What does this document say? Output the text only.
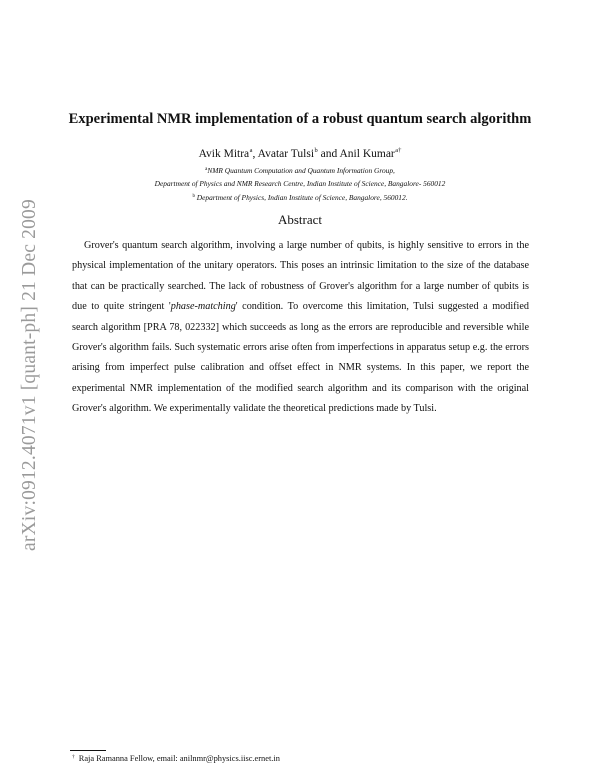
arXiv:0912.4071v1 [quant-ph] 21 Dec 2009
Experimental NMR implementation of a robust quantum search algorithm
Avik Mitra$^a$, Avatar Tulsi$^b$ and Anil Kumar$^{a\dagger}$
$^a$NMR Quantum Computation and Quantum Information Group,
Department of Physics and NMR Research Centre, Indian Institute of Science, Bangalore- 560012
$^b$ Department of Physics, Indian Institute of Science, Bangalore, 560012.
Abstract

Grover's quantum search algorithm, involving a large number of qubits, is highly sensitive to errors in the physical implementation of the unitary operators. This poses an intrinsic limitation to the size of the database that can be practically searched. The lack of robustness of Grover's algorithm for a large number of qubits is due to quite stringent 'phase-matching' condition. To overcome this limitation, Tulsi suggested a modified search algorithm [PRA 78, 022332] which succeeds as long as the errors are reproducible and reversible while Grover's algorithm fails. Such systematic errors arise often from imperfections in apparatus setup e.g. the errors arising from imperfect pulse calibration and offset effect in NMR systems. In this paper, we report the experimental NMR implementation of the modified search algorithm and its comparison with the original Grover's algorithm. We experimentally validate the theoretical predictions made by Tulsi.

† Raja Ramanna Fellow, email: anilnmr@physics.iisc.ernet.in
